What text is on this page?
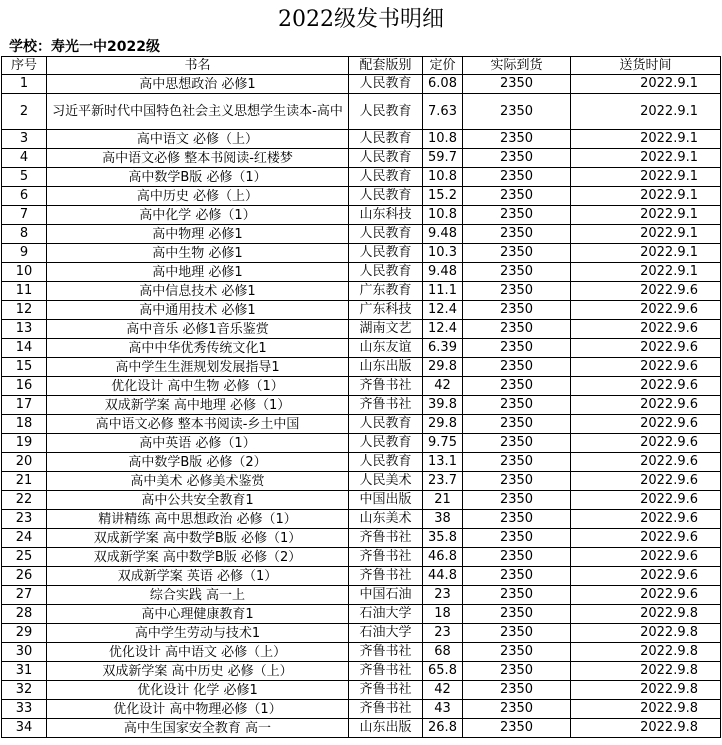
2022级发书明细
学校：寿光一中2022级
序号	书名	配套版别	定价	实际到货	送货时间
1	高中思想政治 必修1	人民教育	6.08	2350	2022.9.1
2	习近平新时代中国特色社会主义思想学生读本-高中	人民教育	7.63	2350	2022.9.1
3	高中语文 必修（上）	人民教育	10.8	2350	2022.9.1
4	高中语文必修 整本书阅读-红楼梦	人民教育	59.7	2350	2022.9.1
5	高中数学B版 必修（1）	人民教育	10.8	2350	2022.9.1
6	高中历史 必修（上）	人民教育	15.2	2350	2022.9.1
7	高中化学 必修（1）	山东科技	10.8	2350	2022.9.1
8	高中物理 必修1	人民教育	9.48	2350	2022.9.1
9	高中生物 必修1	人民教育	10.3	2350	2022.9.1
10	高中地理 必修1	人民教育	9.48	2350	2022.9.1
11	高中信息技术 必修1	广东教育	11.1	2350	2022.9.6
12	高中通用技术 必修1	广东科技	12.4	2350	2022.9.6
13	高中音乐 必修1音乐鉴赏	湖南文艺	12.4	2350	2022.9.6
14	高中中华优秀传统文化1	山东友谊	6.39	2350	2022.9.6
15	高中学生生涯规划发展指导1	山东出版	29.8	2350	2022.9.6
16	优化设计 高中生物 必修（1）	齐鲁书社	42	2350	2022.9.6
17	双成新学案 高中地理 必修（1）	齐鲁书社	39.8	2350	2022.9.6
18	高中语文必修 整本书阅读-乡土中国	人民教育	29.8	2350	2022.9.6
19	高中英语 必修（1）	人民教育	9.75	2350	2022.9.6
20	高中数学B版 必修（2）	人民教育	13.1	2350	2022.9.6
21	高中美术 必修美术鉴赏	人民美术	23.7	2350	2022.9.6
22	高中公共安全教育1	中国出版	21	2350	2022.9.6
23	精讲精练 高中思想政治 必修（1）	山东美术	38	2350	2022.9.6
24	双成新学案 高中数学B版 必修（1）	齐鲁书社	35.8	2350	2022.9.6
25	双成新学案 高中数学B版 必修（2）	齐鲁书社	46.8	2350	2022.9.6
26	双成新学案 英语 必修（1）	齐鲁书社	44.8	2350	2022.9.6
27	综合实践 高一上	中国石油	23	2350	2022.9.6
28	高中心理健康教育1	石油大学	18	2350	2022.9.8
29	高中学生劳动与技术1	石油大学	23	2350	2022.9.8
30	优化设计 高中语文 必修（上）	齐鲁书社	68	2350	2022.9.8
31	双成新学案 高中历史 必修（上）	齐鲁书社	65.8	2350	2022.9.8
32	优化设计 化学 必修1	齐鲁书社	42	2350	2022.9.8
33	优化设计 高中物理必修（1）	齐鲁书社	43	2350	2022.9.8
34	高中生国家安全教育 高一	山东出版	26.8	2350	2022.9.8
